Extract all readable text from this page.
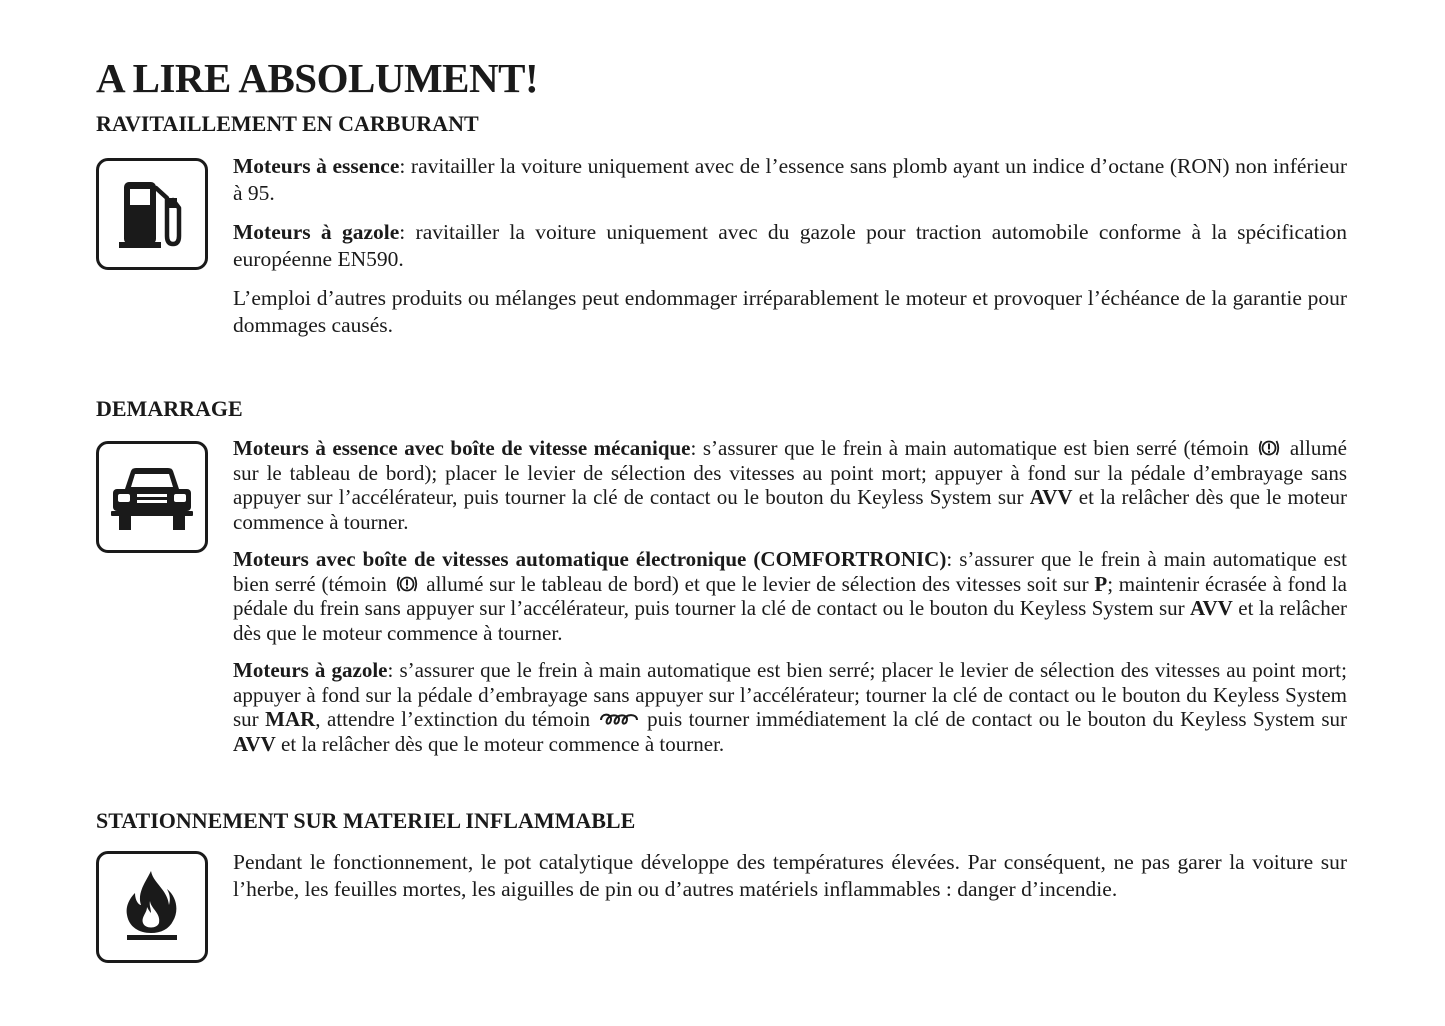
A LIRE ABSOLUMENT!
RAVITAILLEMENT EN CARBURANT

Moteurs à essence: ravitailler la voiture uniquement avec de l’essence sans plomb ayant un indice d’octane (RON) non inférieur à 95.

Moteurs à gazole: ravitailler la voiture uniquement avec du gazole pour traction automobile conforme à la spécification européenne EN590.

L’emploi d’autres produits ou mélanges peut endommager irréparablement le moteur et provoquer l’échéance de la garantie pour dommages causés.

DEMARRAGE

Moteurs à essence avec boîte de vitesse mécanique: s’assurer que le frein à main automatique est bien serré (témoin allumé sur le tableau de bord); placer le levier de sélection des vitesses au point mort; appuyer à fond sur la pédale d’embrayage sans appuyer sur l’accélérateur, puis tourner la clé de contact ou le bouton du Keyless System sur AVV et la relâcher dès que le moteur commence à tourner.

Moteurs avec boîte de vitesses automatique électronique (COMFORTRONIC): s’assurer que le frein à main automatique est bien serré (témoin allumé sur le tableau de bord) et que le levier de sélection des vitesses soit sur P; maintenir écrasée à fond la pédale du frein sans appuyer sur l’accélérateur, puis tourner la clé de contact ou le bouton du Keyless System sur AVV et la relâcher dès que le moteur commence à tourner.

Moteurs à gazole: s’assurer que le frein à main automatique est bien serré; placer le levier de sélection des vitesses au point mort; appuyer à fond sur la pédale d’embrayage sans appuyer sur l’accélérateur; tourner la clé de contact ou le bouton du Keyless System sur MAR, attendre l’extinction du témoin	puis tourner immédiatement la clé de contact ou le bouton du Keyless System sur AVV et la relâcher dès que le moteur commence à tourner.

STATIONNEMENT SUR MATERIEL INFLAMMABLE

Pendant le fonctionnement, le pot catalytique développe des températures élevées. Par conséquent, ne pas garer la voiture sur l’herbe, les feuilles mortes, les aiguilles de pin ou d’autres matériels inflammables : danger d’incendie.
